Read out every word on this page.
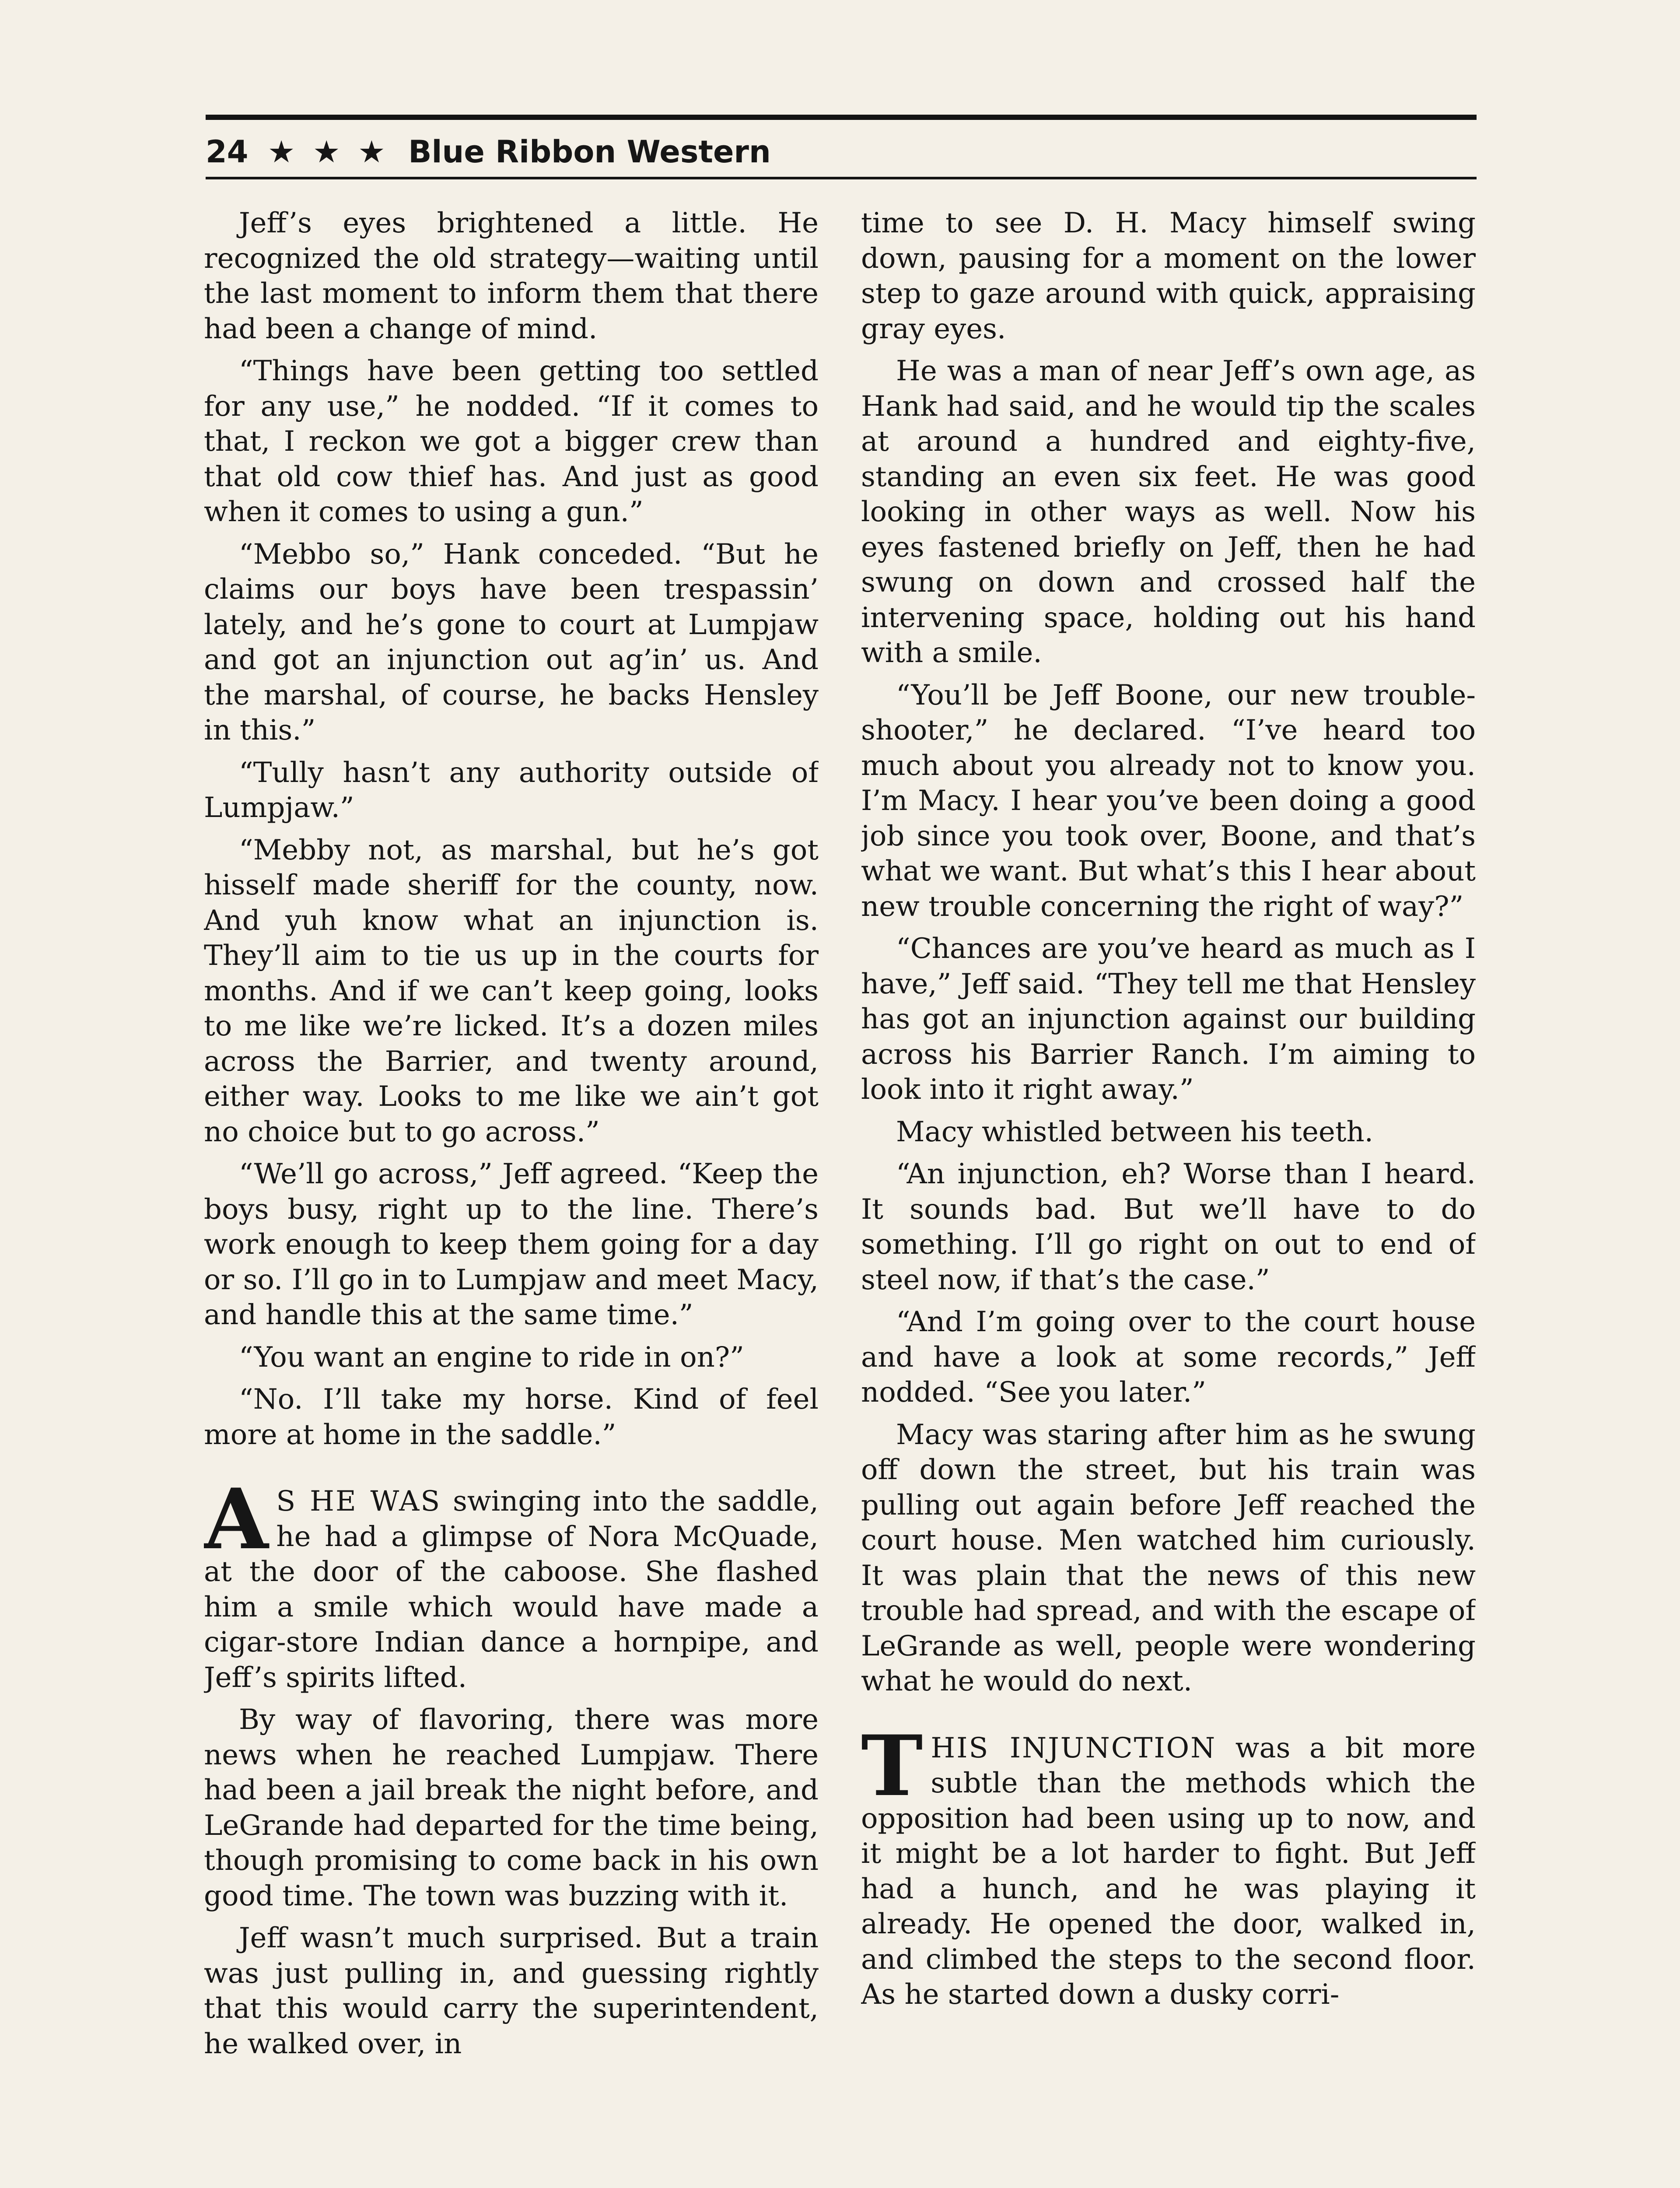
24 ★ ★ ★ Blue Ribbon Western

Jeff’s eyes brightened a little. He recognized the old strategy—waiting until the last moment to inform them that there had been a change of mind.

“Things have been getting too settled for any use,” he nodded. “If it comes to that, I reckon we got a bigger crew than that old cow thief has. And just as good when it comes to using a gun.”

“Mebbo so,” Hank conceded. “But he claims our boys have been trespassin’ lately, and he’s gone to court at Lumpjaw and got an injunction out ag’in’ us. And the marshal, of course, he backs Hensley in this.”

“Tully hasn’t any authority outside of Lumpjaw.”

“Mebby not, as marshal, but he’s got hisself made sheriff for the county, now. And yuh know what an injunction is. They’ll aim to tie us up in the courts for months. And if we can’t keep going, looks to me like we’re licked. It’s a dozen miles across the Barrier, and twenty around, either way. Looks to me like we ain’t got no choice but to go across.”

“We’ll go across,” Jeff agreed. “Keep the boys busy, right up to the line. There’s work enough to keep them going for a day or so. I’ll go in to Lumpjaw and meet Macy, and handle this at the same time.”

“You want an engine to ride in on?”

“No. I’ll take my horse. Kind of feel more at home in the saddle.”

A S HE WAS swinging into the saddle, he had a glimpse of Nora McQuade, at the door of the caboose. She flashed him a smile which would have made a cigar-store Indian dance a hornpipe, and Jeff’s spirits lifted.

By way of flavoring, there was more news when he reached Lumpjaw. There had been a jail break the night before, and LeGrande had departed for the time being, though promising to come back in his own good time. The town was buzzing with it.

Jeff wasn’t much surprised. But a train was just pulling in, and guessing rightly that this would carry the superintendent, he walked over, in

time to see D. H. Macy himself swing down, pausing for a moment on the lower step to gaze around with quick, appraising gray eyes.

He was a man of near Jeff’s own age, as Hank had said, and he would tip the scales at around a hundred and eighty-five, standing an even six feet. He was good looking in other ways as well. Now his eyes fastened briefly on Jeff, then he had swung on down and crossed half the intervening space, holding out his hand with a smile.

“You’ll be Jeff Boone, our new trouble-shooter,” he declared. “I’ve heard too much about you already not to know you. I’m Macy. I hear you’ve been doing a good job since you took over, Boone, and that’s what we want. But what’s this I hear about new trouble concerning the right of way?”

“Chances are you’ve heard as much as I have,” Jeff said. “They tell me that Hensley has got an injunction against our building across his Barrier Ranch. I’m aiming to look into it right away.”

Macy whistled between his teeth.

“An injunction, eh? Worse than I heard. It sounds bad. But we’ll have to do something. I’ll go right on out to end of steel now, if that’s the case.”

“And I’m going over to the court house and have a look at some records,” Jeff nodded. “See you later.”

Macy was staring after him as he swung off down the street, but his train was pulling out again before Jeff reached the court house. Men watched him curiously. It was plain that the news of this new trouble had spread, and with the escape of LeGrande as well, people were wondering what he would do next.

THIS INJUNCTION was a bit more subtle than the methods which the opposition had been using up to now, and it might be a lot harder to fight. But Jeff had a hunch, and he was playing it already. He opened the door, walked in, and climbed the steps to the second floor. As he started down a dusky corri-
